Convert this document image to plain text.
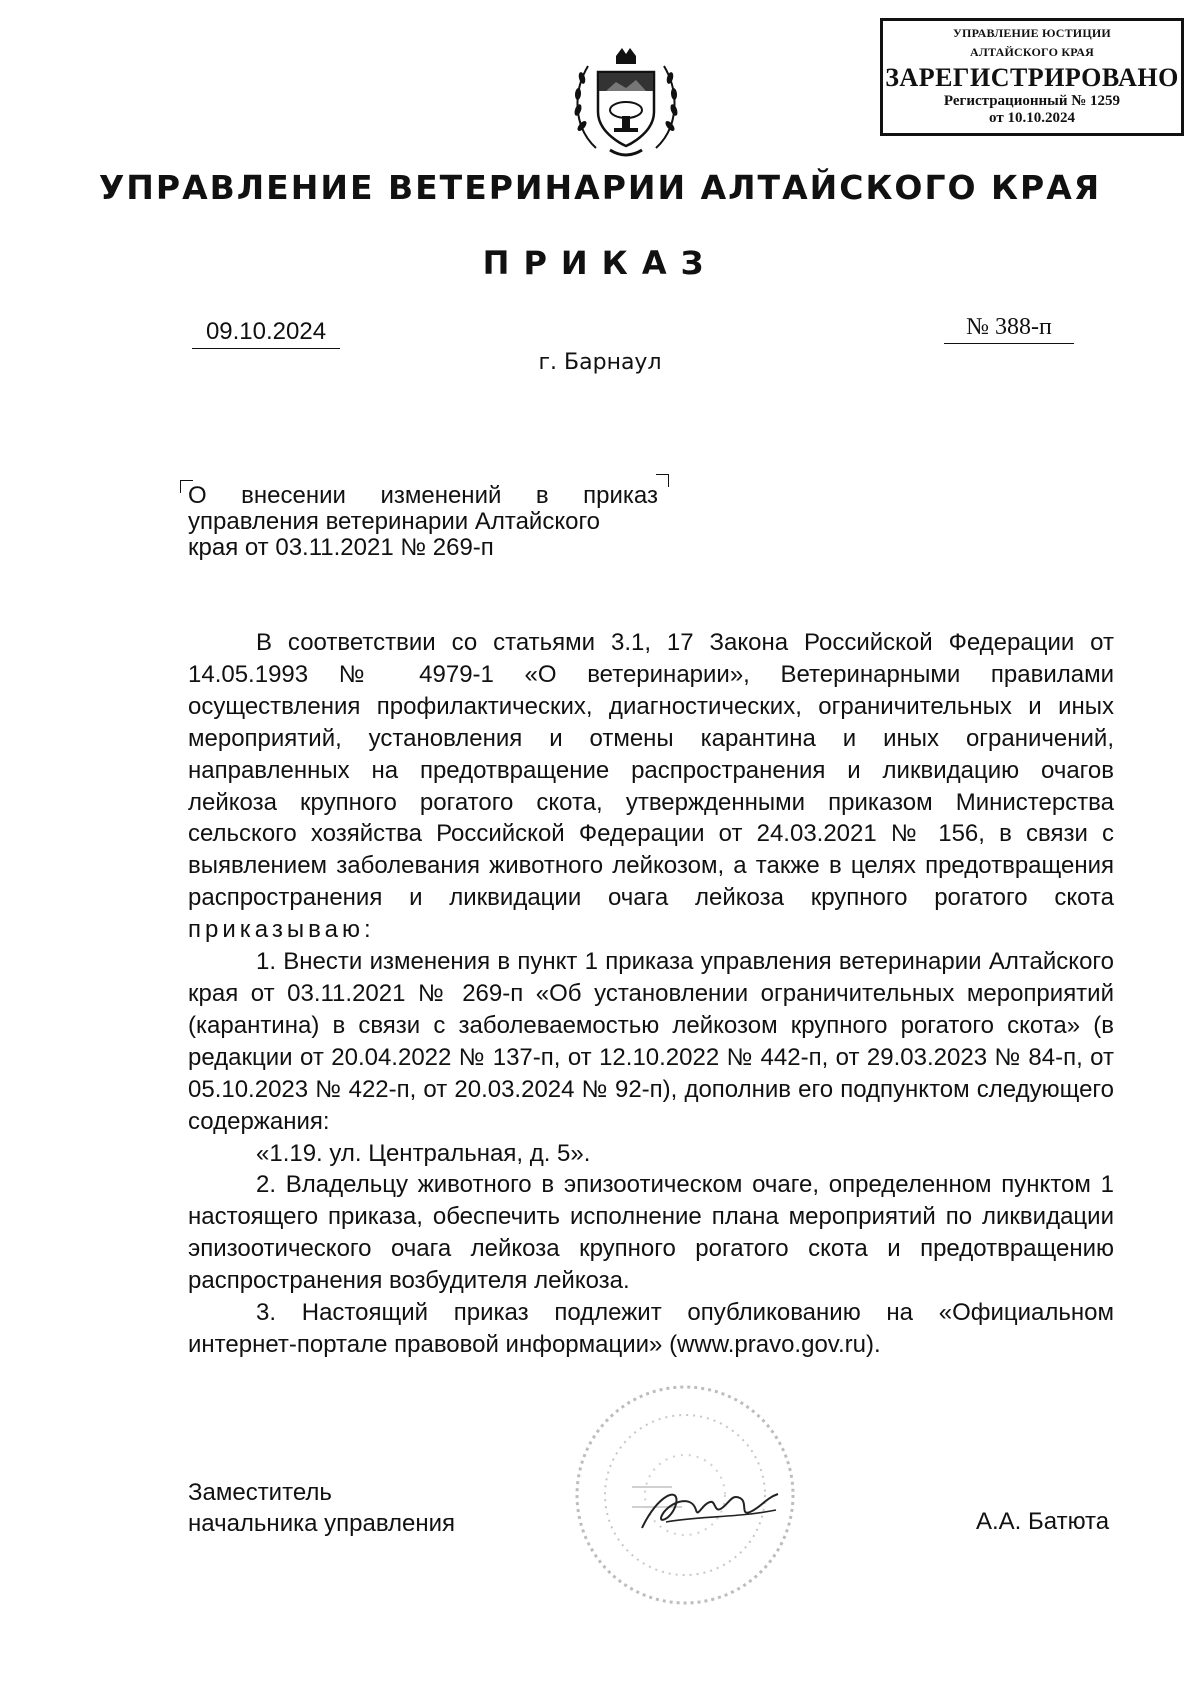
УПРАВЛЕНИЕ ЮСТИЦИИ
АЛТАЙСКОГО КРАЯ
ЗАРЕГИСТРИРОВАНО
Регистрационный № 1259
от 10.10.2024
УПРАВЛЕНИЕ ВЕТЕРИНАРИИ АЛТАЙСКОГО КРАЯ
ПРИКАЗ
09.10.2024	№ 388-п
г. Барнаул
О внесении изменений в приказ
управления ветеринарии Алтайского
края от 03.11.2021 № 269-п

В соответствии со статьями 3.1, 17 Закона Российской Федерации от 14.05.1993 № 4979-1 «О ветеринарии», Ветеринарными правилами осуществления профилактических, диагностических, ограничительных и иных мероприятий, установления и отмены карантина и иных ограничений, направленных на предотвращение распространения и ликвидацию очагов лейкоза крупного рогатого скота, утвержденными приказом Министерства сельского хозяйства Российской Федерации от 24.03.2021 № 156, в связи с выявлением заболевания животного лейкозом, а также в целях предотвращения распространения и ликвидации очага лейкоза крупного рогатого скота приказываю:

1. Внести изменения в пункт 1 приказа управления ветеринарии Алтайского края от 03.11.2021 № 269-п «Об установлении ограничительных мероприятий (карантина) в связи с заболеваемостью лейкозом крупного рогатого скота» (в редакции от 20.04.2022 № 137-п, от 12.10.2022 № 442-п, от 29.03.2023 № 84-п, от 05.10.2023 № 422-п, от 20.03.2024 № 92-п), дополнив его подпунктом следующего содержания:

«1.19. ул. Центральная, д. 5».

2. Владельцу животного в эпизоотическом очаге, определенном пунктом 1 настоящего приказа, обеспечить исполнение плана мероприятий по ликвидации эпизоотического очага лейкоза крупного рогатого скота и предотвращению распространения возбудителя лейкоза.

3. Настоящий приказ подлежит опубликованию на «Официальном интернет-портале правовой информации» (www.pravo.gov.ru).

Заместитель
начальника управления	А.А. Батюта
